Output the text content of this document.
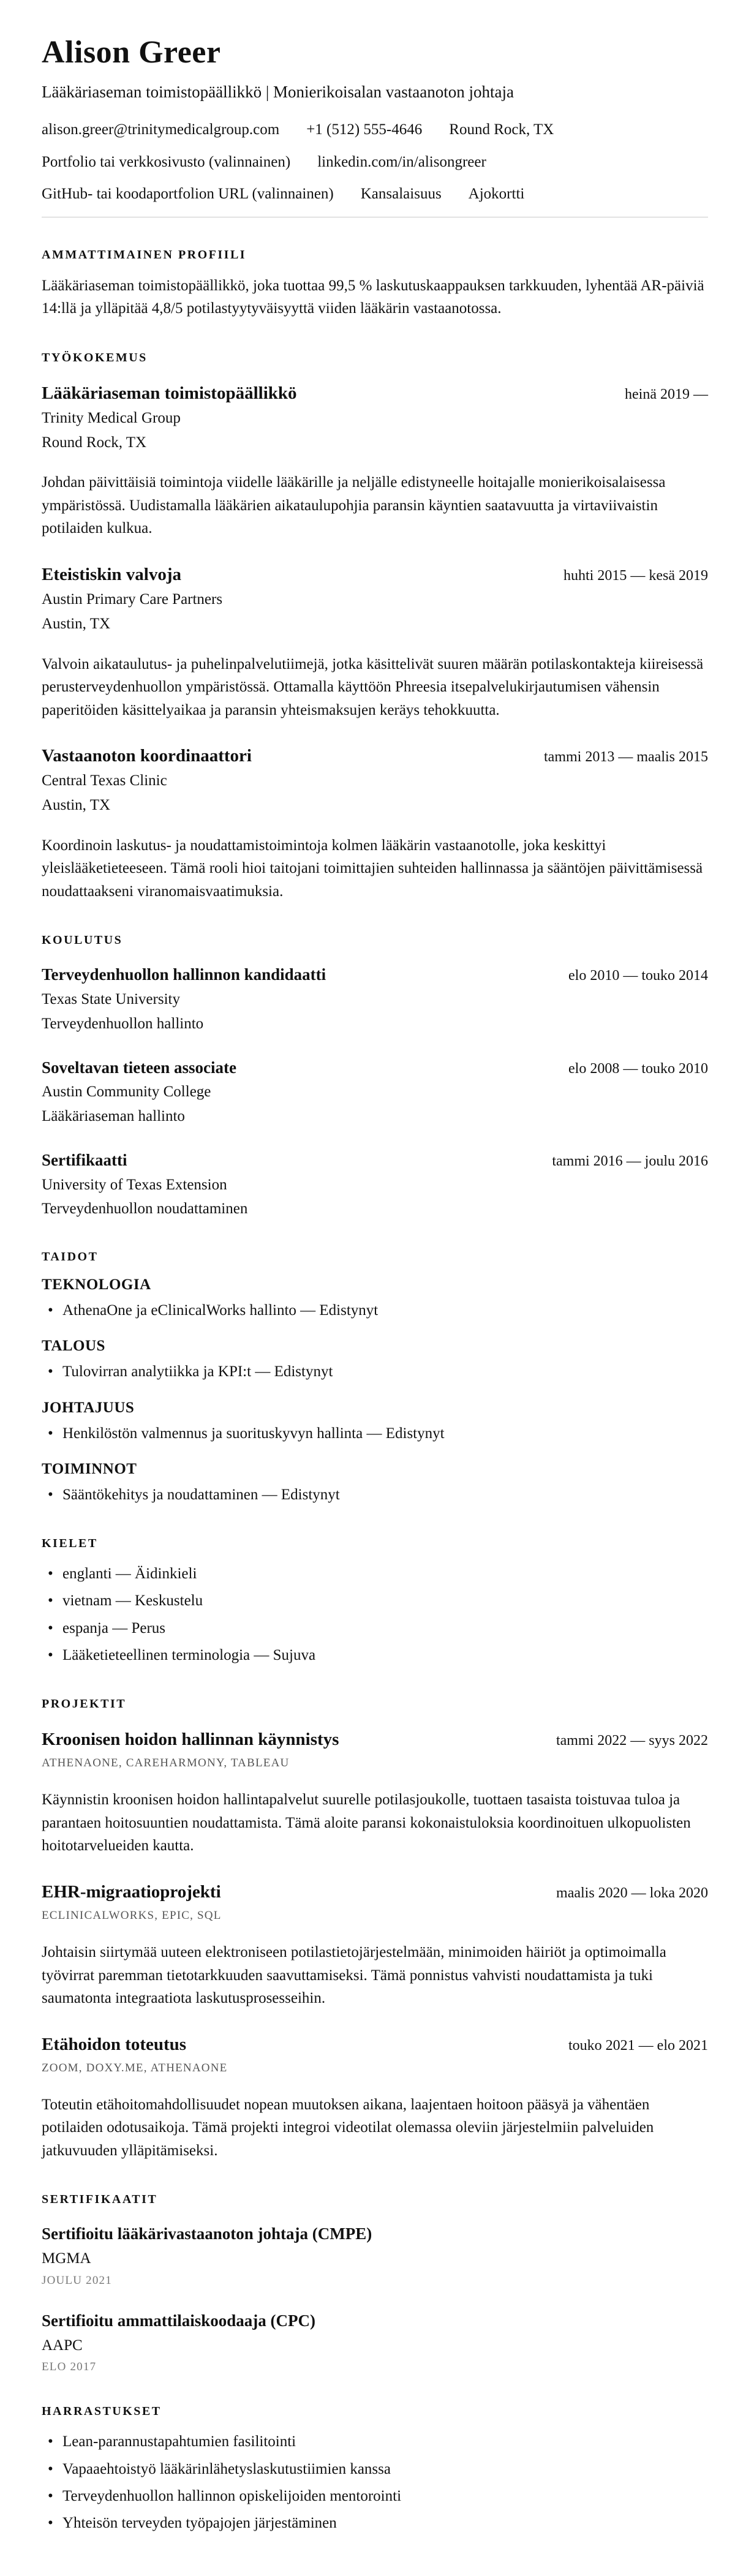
Alison Greer

Lääkäriaseman toimistopäällikkö | Monierikoisalan vastaanoton johtaja

alison.greer@trinitymedicalgroup.com +1 (512) 555-4646 Round Rock, TX
Portfolio tai verkkosivusto (valinnainen) linkedin.com/in/alisongreer
GitHub- tai koodaportfolion URL (valinnainen) Kansalaisuus Ajokortti
AMMATTIMAINEN PROFIILI

Lääkäriaseman toimistopäällikkö, joka tuottaa 99,5 % laskutuskaappauksen tarkkuuden, lyhentää AR-päiviä 14:llä ja ylläpitää 4,8/5 potilastyytyväisyyttä viiden lääkärin vastaanotossa.

TYÖKOKEMUS
Lääkäriaseman toimistopäällikkö	heinä 2019 —
Trinity Medical Group
Round Rock, TX

Johdan päivittäisiä toimintoja viidelle lääkärille ja neljälle edistyneelle hoitajalle monierikoisalaisessa ympäristössä. Uudistamalla lääkärien aikataulupohjia paransin käyntien saatavuutta ja virtaviivaistin potilaiden kulkua.

Eteistiskin valvoja	huhti 2015 — kesä 2019
Austin Primary Care Partners
Austin, TX

Valvoin aikataulutus- ja puhelinpalvelutiimejä, jotka käsittelivät suuren määrän potilaskontakteja kiireisessä perusterveydenhuollon ympäristössä. Ottamalla käyttöön Phreesia itsepalvelukirjautumisen vähensin paperitöiden käsittelyaikaa ja paransin yhteismaksujen keräys tehokkuutta.

Vastaanoton koordinaattori	tammi 2013 — maalis 2015
Central Texas Clinic
Austin, TX

Koordinoin laskutus- ja noudattamistoimintoja kolmen lääkärin vastaanotolle, joka keskittyi yleislääketieteeseen. Tämä rooli hioi taitojani toimittajien suhteiden hallinnassa ja sääntöjen päivittämisessä noudattaakseni viranomaisvaatimuksia.

KOULUTUS
Terveydenhuollon hallinnon kandidaatti	elo 2010 — touko 2014
Texas State University
Terveydenhuollon hallinto
Soveltavan tieteen associate	elo 2008 — touko 2010
Austin Community College
Lääkäriaseman hallinto
Sertifikaatti	tammi 2016 — joulu 2016
University of Texas Extension
Terveydenhuollon noudattaminen
TAIDOT
TEKNOLOGIA
• AthenaOne ja eClinicalWorks hallinto — Edistynyt
TALOUS
• Tulovirran analytiikka ja KPI:t — Edistynyt
JOHTAJUUS
• Henkilöstön valmennus ja suorituskyvyn hallinta — Edistynyt
TOIMINNOT
• Sääntökehitys ja noudattaminen — Edistynyt
KIELET
• englanti — Äidinkieli
• vietnam — Keskustelu
• espanja — Perus
• Lääketieteellinen terminologia — Sujuva
PROJEKTIT
Kroonisen hoidon hallinnan käynnistys	tammi 2022 — syys 2022
ATHENAONE, CAREHARMONY, TABLEAU

Käynnistin kroonisen hoidon hallintapalvelut suurelle potilasjoukolle, tuottaen tasaista toistuvaa tuloa ja parantaen hoitosuuntien noudattamista. Tämä aloite paransi kokonaistuloksia koordinoituen ulkopuolisten hoitotarvelueiden kautta.

EHR-migraatioprojekti	maalis 2020 — loka 2020
ECLINICALWORKS, EPIC, SQL

Johtaisin siirtymää uuteen elektroniseen potilastietojärjestelmään, minimoiden häiriöt ja optimoimalla työvirrat paremman tietotarkkuuden saavuttamiseksi. Tämä ponnistus vahvisti noudattamista ja tuki saumatonta integraatiota laskutusprosesseihin.

Etähoidon toteutus	touko 2021 — elo 2021
ZOOM, DOXY.ME, ATHENAONE

Toteutin etähoitomahdollisuudet nopean muutoksen aikana, laajentaen hoitoon pääsyä ja vähentäen potilaiden odotusaikoja. Tämä projekti integroi videotilat olemassa oleviin järjestelmiin palveluiden jatkuvuuden ylläpitämiseksi.

SERTIFIKAATIT
Sertifioitu lääkärivastaanoton johtaja (CMPE)
MGMA
JOULU 2021
Sertifioitu ammattilaiskoodaaja (CPC)
AAPC
ELO 2017
HARRASTUKSET
• Lean-parannustapahtumien fasilitointi
• Vapaaehtoistyö lääkärinlähetyslaskutustiimien kanssa
• Terveydenhuollon hallinnon opiskelijoiden mentorointi
• Yhteisön terveyden työpajojen järjestäminen
